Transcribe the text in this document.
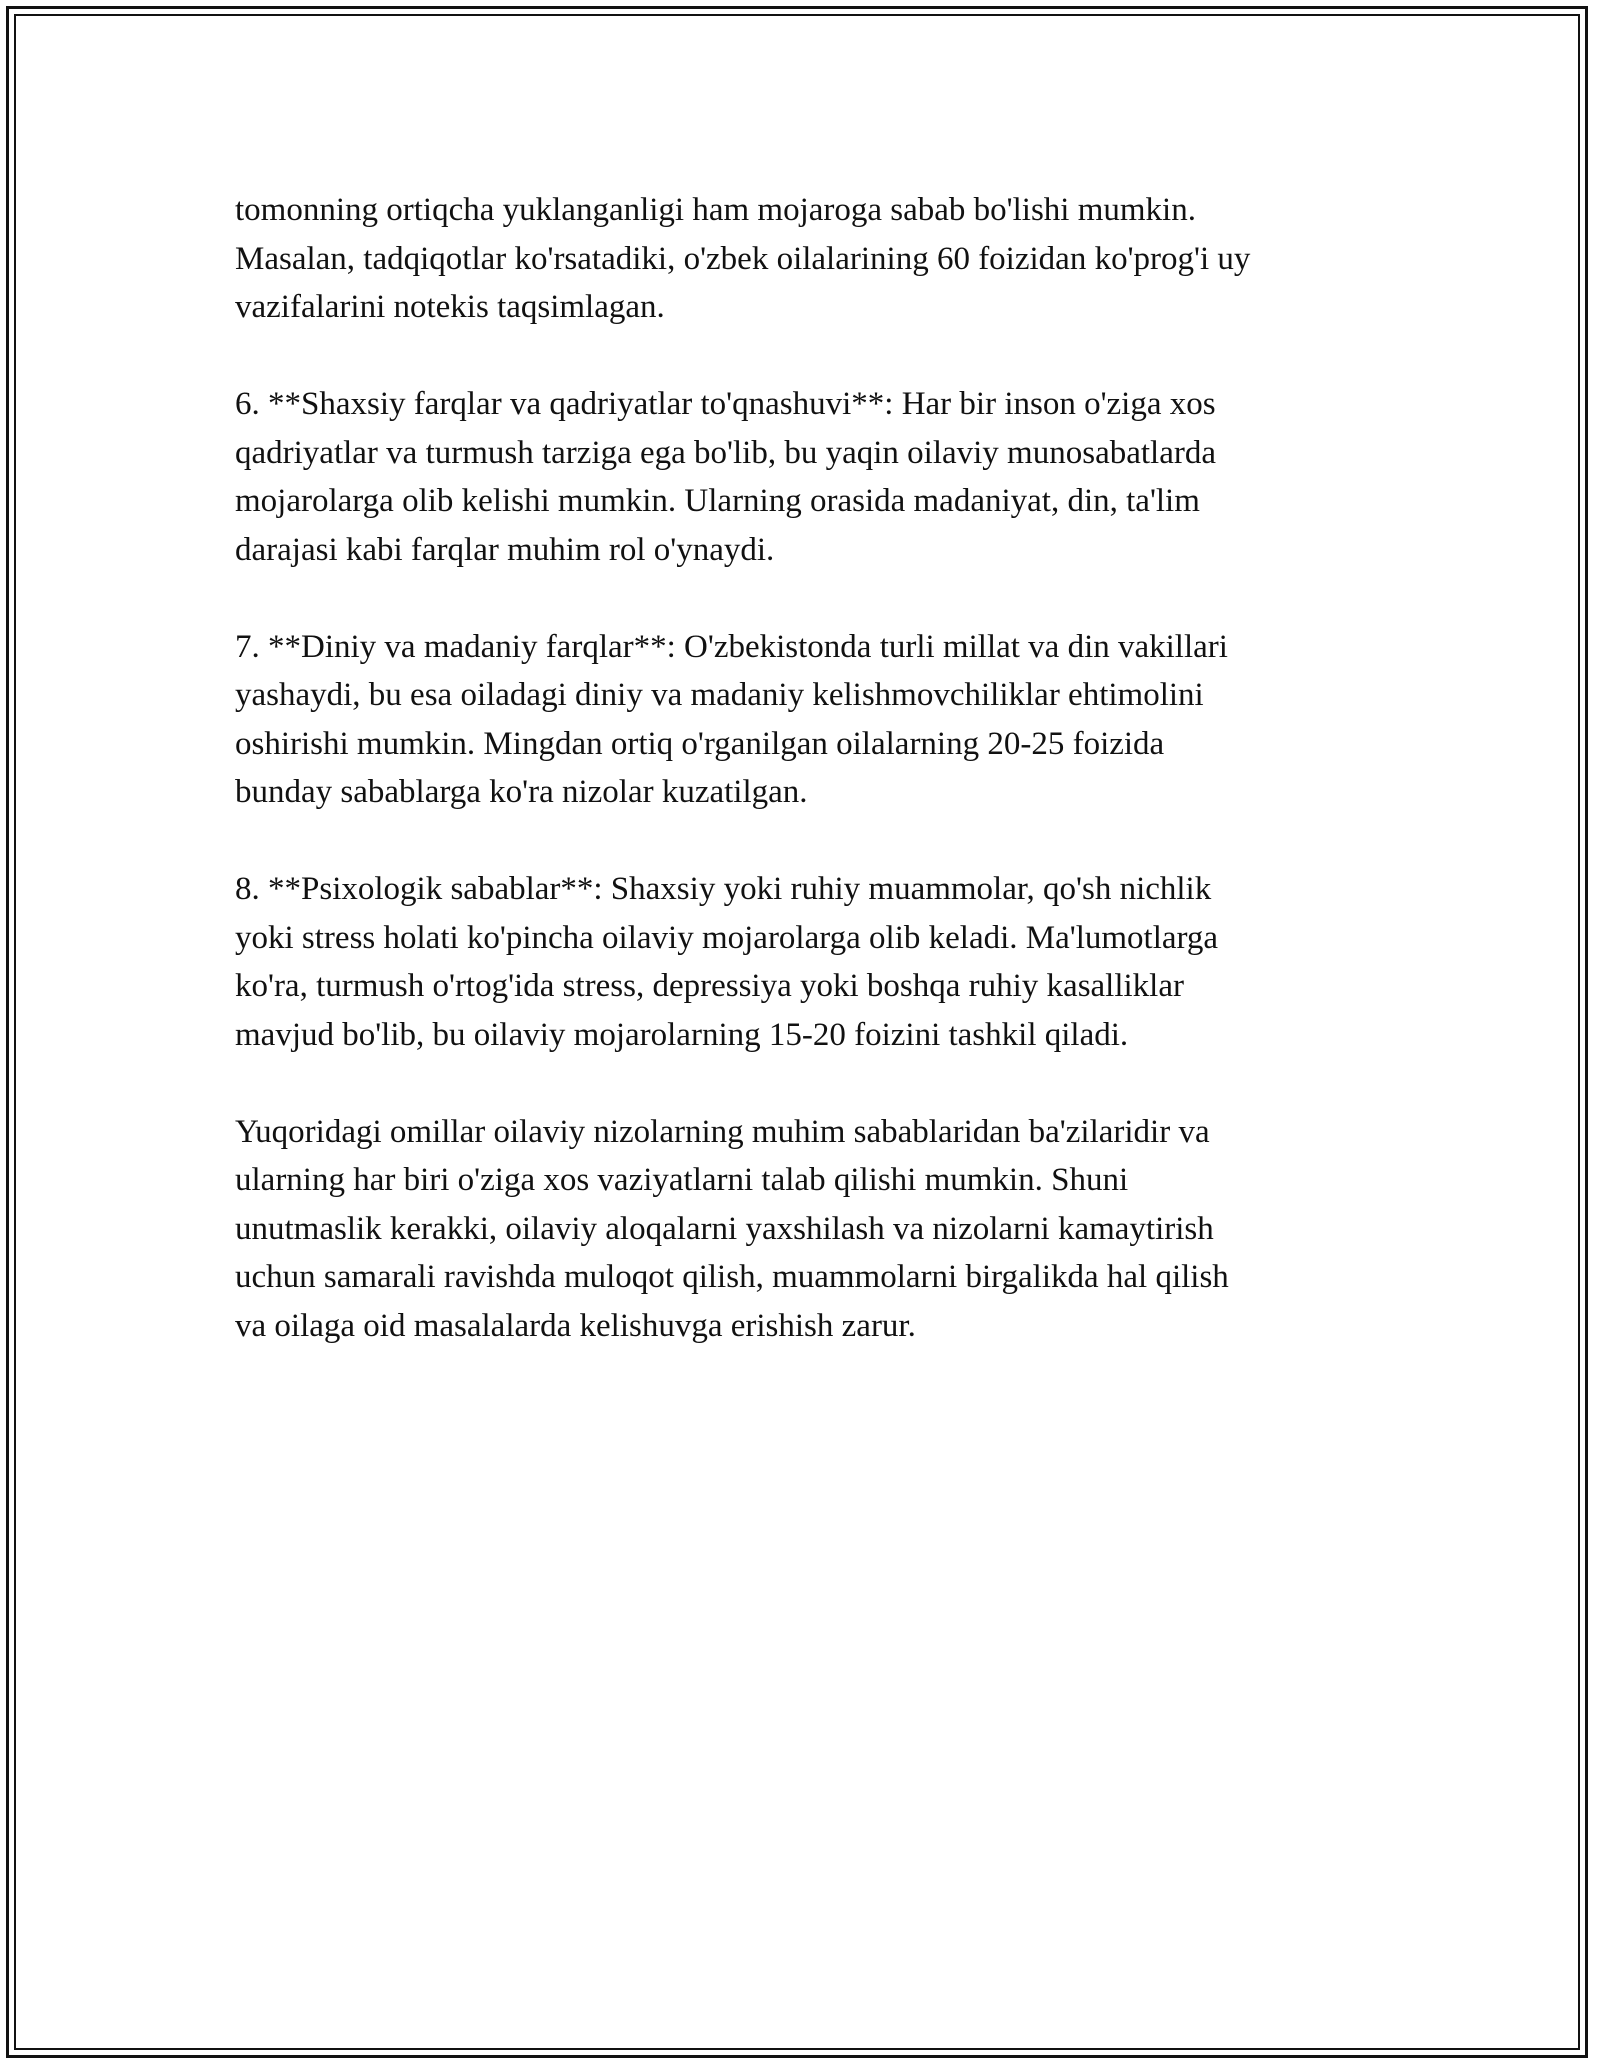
tomonning ortiqcha yuklanganligi ham mojaroga sabab bo'lishi mumkin.
Masalan, tadqiqotlar ko'rsatadiki, o'zbek oilalarining 60 foizidan ko'prog'i uy
vazifalarini notekis taqsimlagan.

6. **Shaxsiy farqlar va qadriyatlar to'qnashuvi**: Har bir inson o'ziga xos
qadriyatlar va turmush tarziga ega bo'lib, bu yaqin oilaviy munosabatlarda
mojarolarga olib kelishi mumkin. Ularning orasida madaniyat, din, ta'lim
darajasi kabi farqlar muhim rol o'ynaydi.

7. **Diniy va madaniy farqlar**: O'zbekistonda turli millat va din vakillari
yashaydi, bu esa oiladagi diniy va madaniy kelishmovchiliklar ehtimolini
oshirishi mumkin. Mingdan ortiq o'rganilgan oilalarning 20-25 foizida
bunday sabablarga ko'ra nizolar kuzatilgan.

8. **Psixologik sabablar**: Shaxsiy yoki ruhiy muammolar, qo'sh nichlik
yoki stress holati ko'pincha oilaviy mojarolarga olib keladi. Ma'lumotlarga
ko'ra, turmush o'rtog'ida stress, depressiya yoki boshqa ruhiy kasalliklar
mavjud bo'lib, bu oilaviy mojarolarning 15-20 foizini tashkil qiladi.

Yuqoridagi omillar oilaviy nizolarning muhim sabablaridan ba'zilaridir va
ularning har biri o'ziga xos vaziyatlarni talab qilishi mumkin. Shuni
unutmaslik kerakki, oilaviy aloqalarni yaxshilash va nizolarni kamaytirish
uchun samarali ravishda muloqot qilish, muammolarni birgalikda hal qilish
va oilaga oid masalalarda kelishuvga erishish zarur.
